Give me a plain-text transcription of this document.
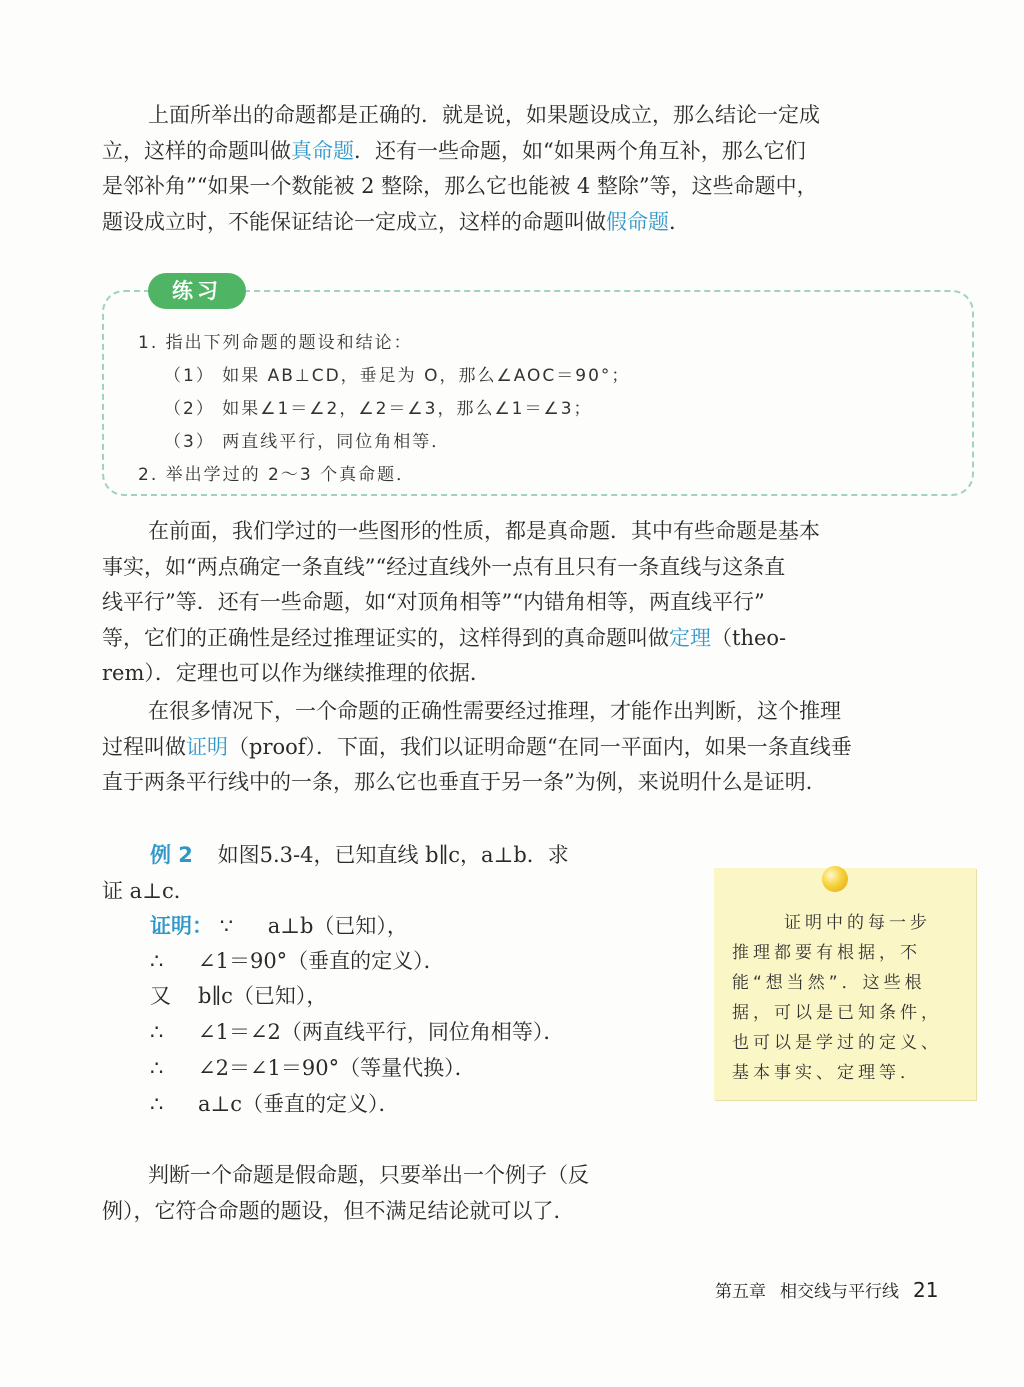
上面所举出的命题都是正确的．就是说，如果题设成立，那么结论一定成
立，这样的命题叫做真命题．还有一些命题，如“如果两个角互补，那么它们
是邻补角”“如果一个数能被 2 整除，那么它也能被 4 整除”等，这些命题中，
题设成立时，不能保证结论一定成立，这样的命题叫做假命题．
练习
1. 指出下列命题的题设和结论：
（1） 如果 AB⊥CD，垂足为 O，那么∠AOC＝90°；
（2） 如果∠1＝∠2，∠2＝∠3，那么∠1＝∠3；
（3） 两直线平行，同位角相等．
2. 举出学过的 2～3 个真命题．
在前面，我们学过的一些图形的性质，都是真命题．其中有些命题是基本
事实，如“两点确定一条直线”“经过直线外一点有且只有一条直线与这条直
线平行”等．还有一些命题，如“对顶角相等”“内错角相等，两直线平行”
等，它们的正确性是经过推理证实的，这样得到的真命题叫做定理（theo-
rem）．定理也可以作为继续推理的依据．
在很多情况下，一个命题的正确性需要经过推理，才能作出判断，这个推理
过程叫做证明（proof）．下面，我们以证明命题“在同一平面内，如果一条直线垂
直于两条平行线中的一条，那么它也垂直于另一条”为例，来说明什么是证明．
例 2 如图5.3-4，已知直线 b∥c，a⊥b．求
证 a⊥c．
证明： ∵ a⊥b（已知），
∴ ∠1＝90°（垂直的定义）．
又 b∥c（已知），
∴ ∠1＝∠2（两直线平行，同位角相等）．
∴ ∠2＝∠1＝90°（等量代换）．
∴ a⊥c（垂直的定义）．
证明中的每一步
推理都要有根据，不
能“想当然”．这些根
据，可以是已知条件，
也可以是学过的定义、
基本事实、定理等．
判断一个命题是假命题，只要举出一个例子（反
例），它符合命题的题设，但不满足结论就可以了．
第五章 相交线与平行线 21
